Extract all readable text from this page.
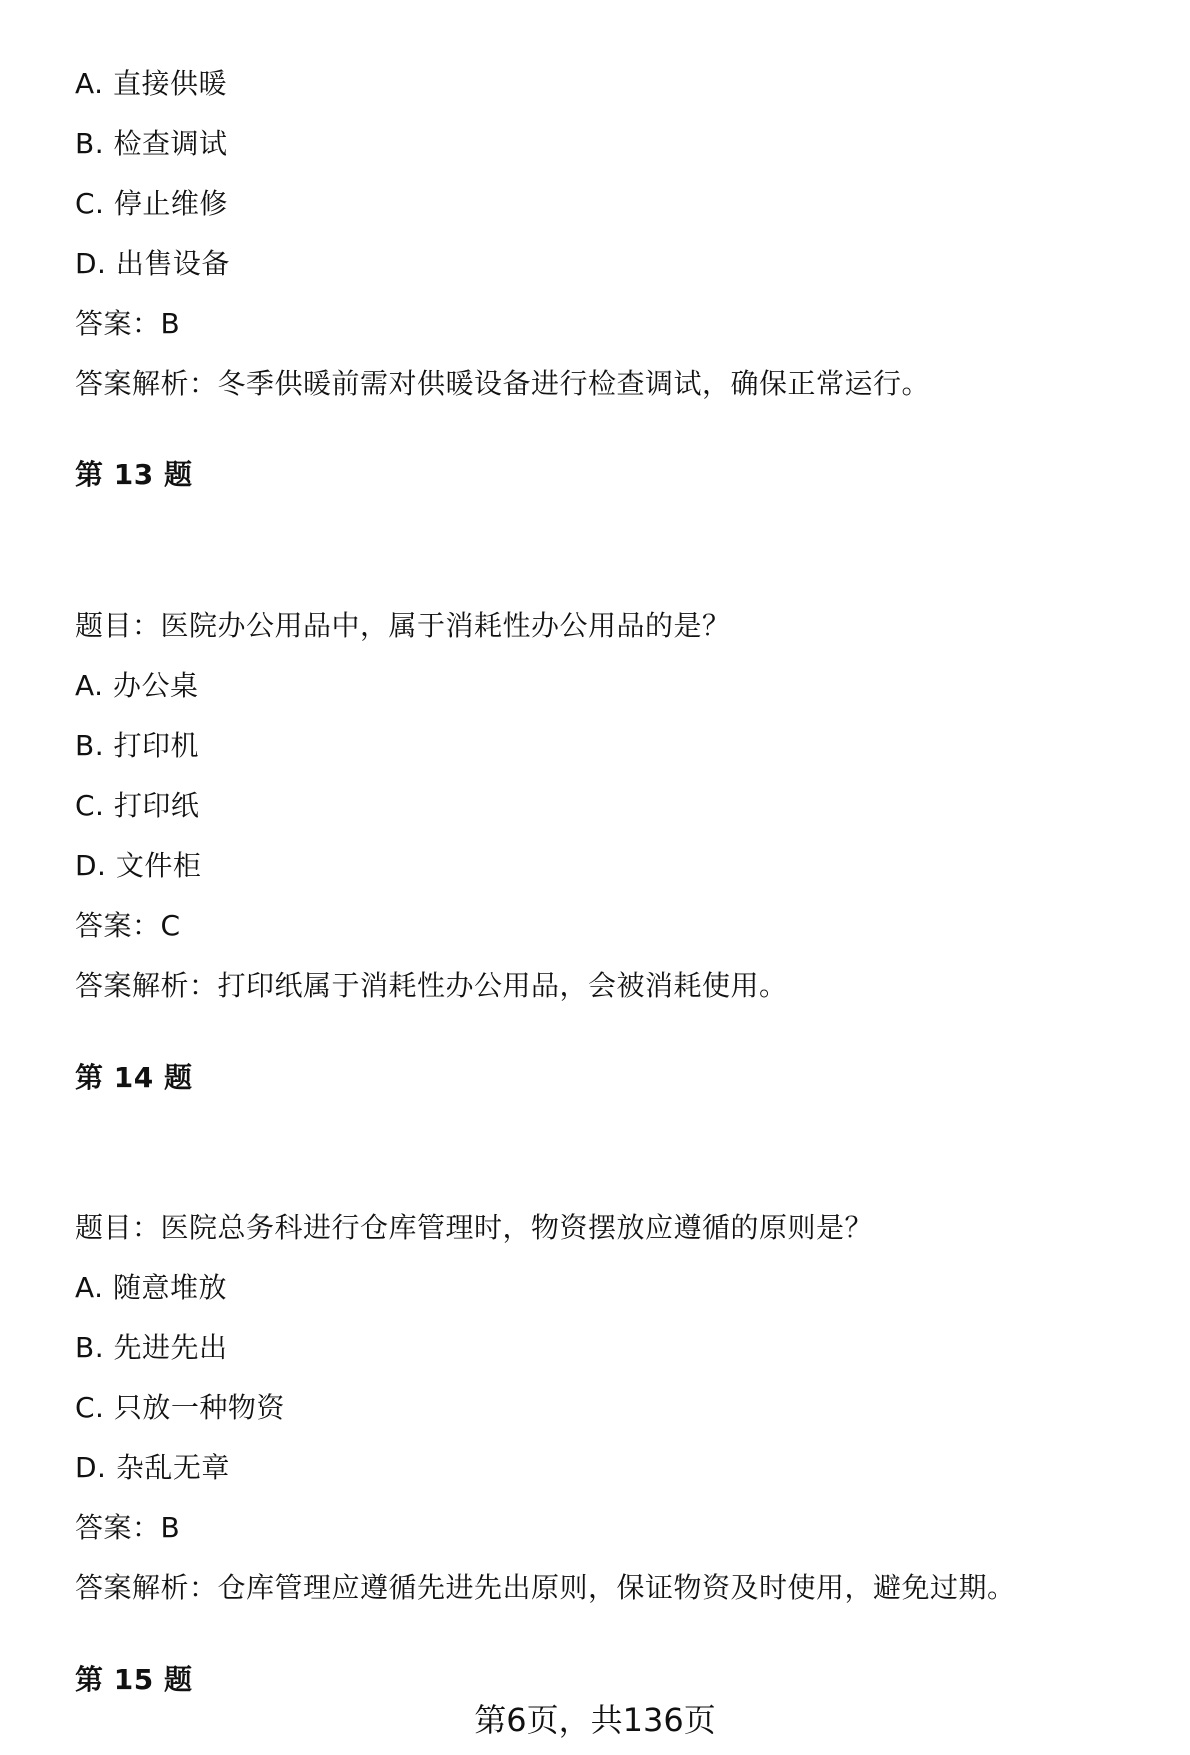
A. 直接供暖
B. 检查调试
C. 停止维修
D. 出售设备
答案：B
答案解析：冬季供暖前需对供暖设备进行检查调试，确保正常运行。
第 13 题
题目：医院办公用品中，属于消耗性办公用品的是？
A. 办公桌
B. 打印机
C. 打印纸
D. 文件柜
答案：C
答案解析：打印纸属于消耗性办公用品，会被消耗使用。
第 14 题
题目：医院总务科进行仓库管理时，物资摆放应遵循的原则是？
A. 随意堆放
B. 先进先出
C. 只放一种物资
D. 杂乱无章
答案：B
答案解析：仓库管理应遵循先进先出原则，保证物资及时使用，避免过期。
第 15 题
第6页，共136页
